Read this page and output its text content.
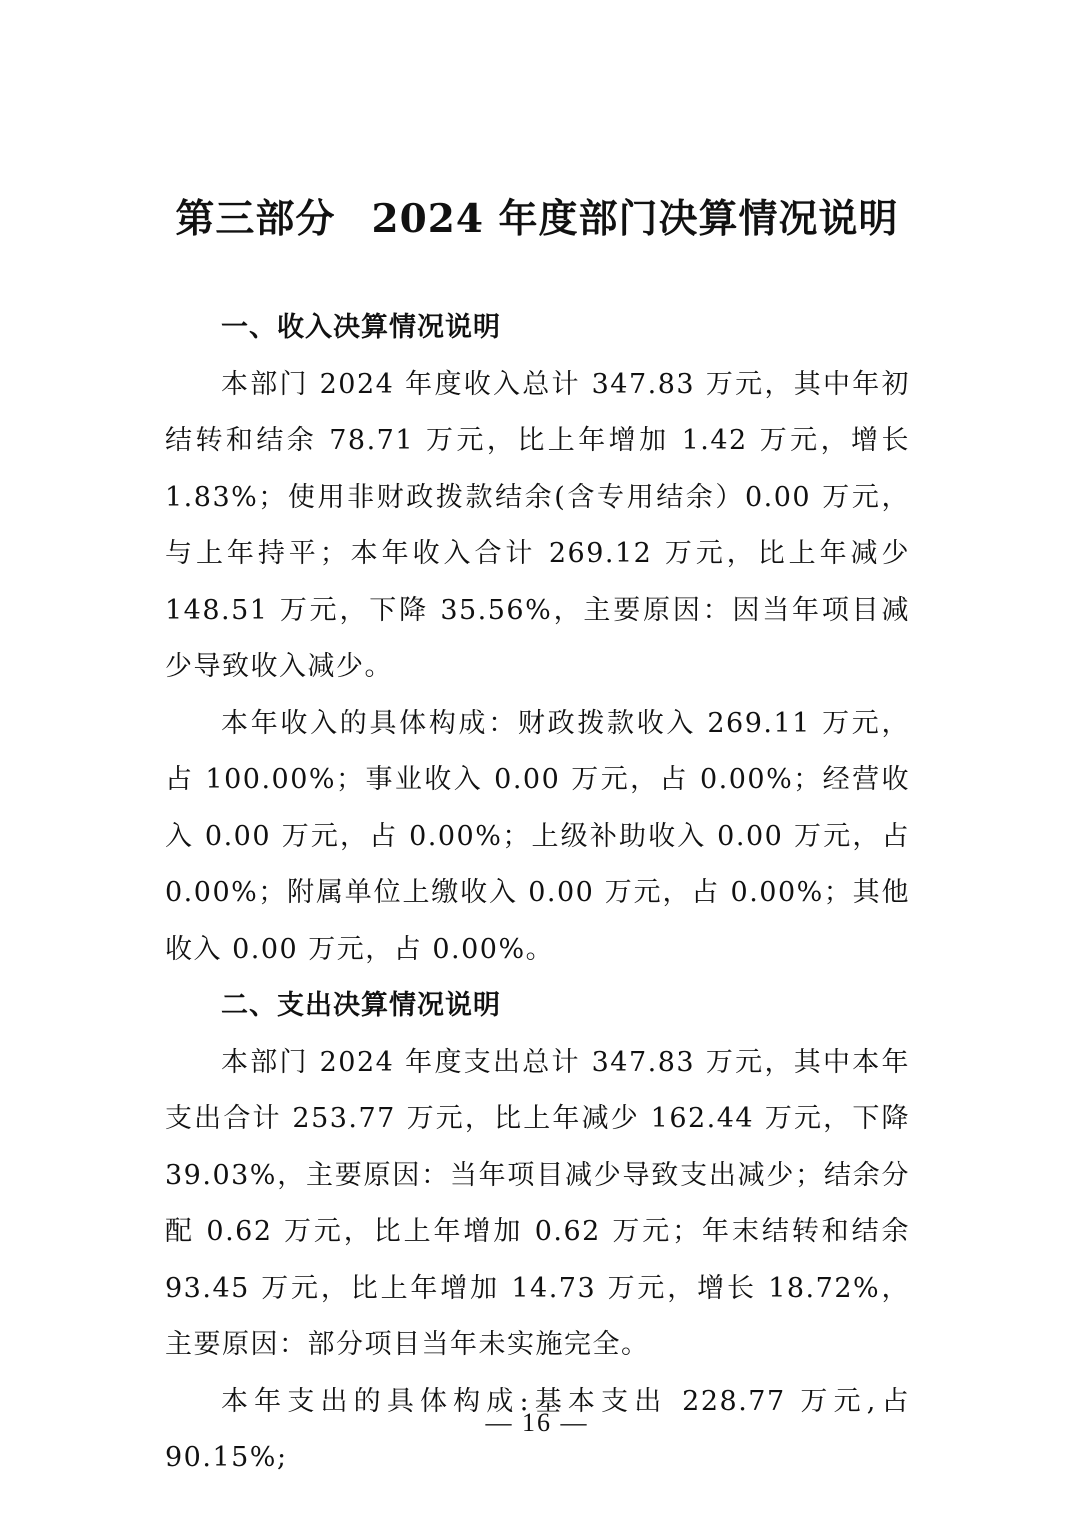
第三部分 2024 年度部门决算情况说明

一、收入决算情况说明

本部门 2024 年度收入总计 347.83 万元，其中年初结转和结余 78.71 万元，比上年增加 1.42 万元，增长 1.83%；使用非财政拨款结余(含专用结余）0.00 万元，与上年持平；本年收入合计 269.12 万元，比上年减少 148.51 万元，下降 35.56%，主要原因：因当年项目减少导致收入减少。

本年收入的具体构成：财政拨款收入 269.11 万元，占 100.00%；事业收入 0.00 万元，占 0.00%；经营收入 0.00 万元，占 0.00%；上级补助收入 0.00 万元，占 0.00%；附属单位上缴收入 0.00 万元，占 0.00%；其他收入 0.00 万元，占 0.00%。

二、支出决算情况说明

本部门 2024 年度支出总计 347.83 万元，其中本年支出合计 253.77 万元，比上年减少 162.44 万元，下降 39.03%，主要原因：当年项目减少导致支出减少；结余分配 0.62 万元，比上年增加 0.62 万元；年末结转和结余 93.45 万元，比上年增加 14.73 万元，增长 18.72%，主要原因：部分项目当年未实施完全。

本年支出的具体构成:基本支出 228.77 万元,占 90.15%;

— 16 —
